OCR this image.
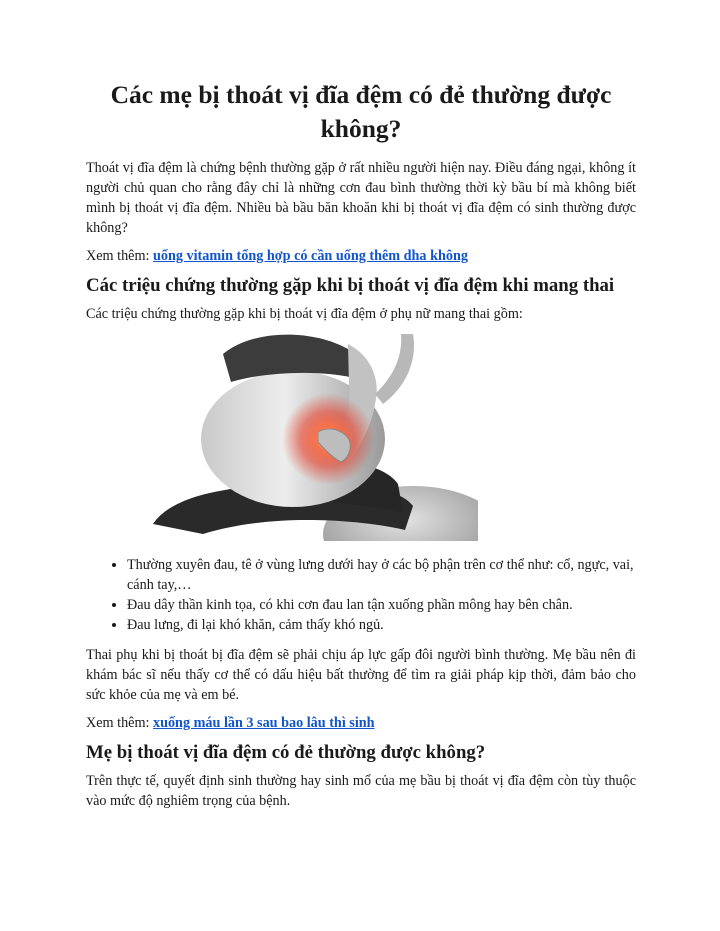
Các mẹ bị thoát vị đĩa đệm có đẻ thường được không?

Thoát vị đĩa đệm là chứng bệnh thường gặp ở rất nhiều người hiện nay. Điều đáng ngại, không ít người chủ quan cho rằng đây chỉ là những cơn đau bình thường thời kỳ bầu bí mà không biết mình bị thoát vị đĩa đệm. Nhiều bà bầu băn khoăn khi bị thoát vị đĩa đệm có sinh thường được không?

Xem thêm: uống vitamin tổng hợp có cần uống thêm dha không

Các triệu chứng thường gặp khi bị thoát vị đĩa đệm khi mang thai

Các triệu chứng thường gặp khi bị thoát vị đĩa đệm ở phụ nữ mang thai gồm:

• Thường xuyên đau, tê ở vùng lưng dưới hay ở các bộ phận trên cơ thể như: cổ, ngực, vai, cánh tay,…
• Đau dây thần kinh tọa, có khi cơn đau lan tận xuống phần mông hay bên chân.
• Đau lưng, đi lại khó khăn, cảm thấy khó ngủ.

Thai phụ khi bị thoát bị đĩa đệm sẽ phải chịu áp lực gấp đôi người bình thường. Mẹ bầu nên đi khám bác sĩ nếu thấy cơ thể có dấu hiệu bất thường để tìm ra giải pháp kịp thời, đảm bảo cho sức khỏe của mẹ và em bé.

Xem thêm: xuống máu lần 3 sau bao lâu thì sinh

Mẹ bị thoát vị đĩa đệm có đẻ thường được không?

Trên thực tế, quyết định sinh thường hay sinh mổ của mẹ bầu bị thoát vị đĩa đệm còn tùy thuộc vào mức độ nghiêm trọng của bệnh.
